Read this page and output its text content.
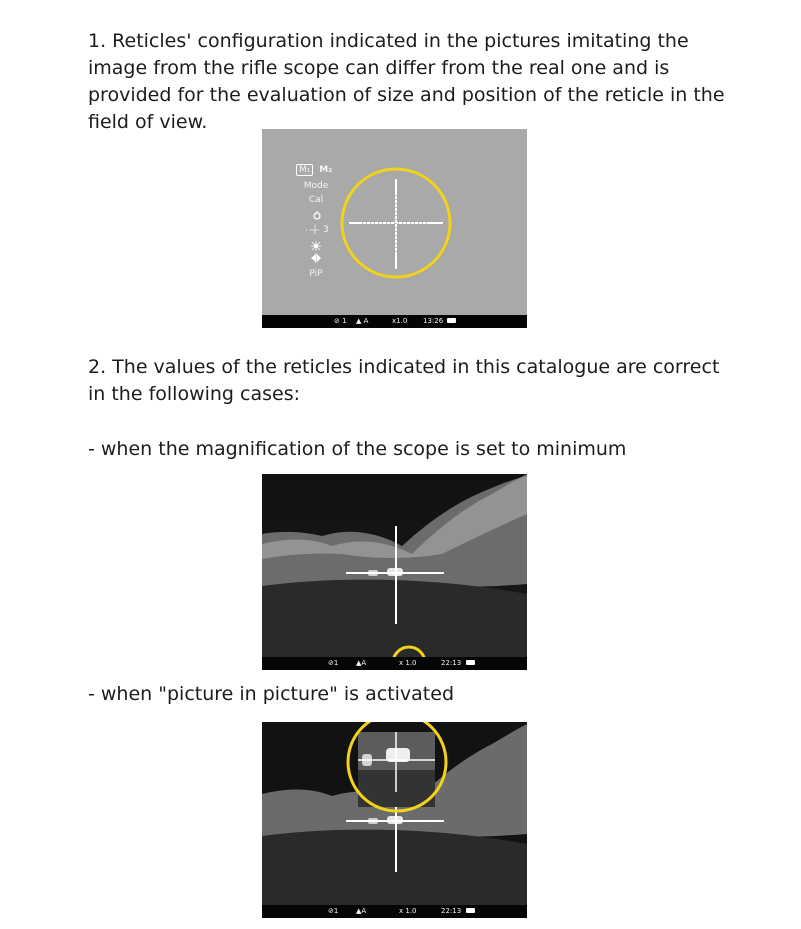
1. Reticles' configuration indicated in the pictures imitating the image from the rifle scope can differ from the real one and is provided for the evaluation of size and position of the reticle in the field of view.

M₁ M₂
Mode
Cal
3
PiP
⊘ 1 ▲ A	x1.0 13:26

2. The values of the reticles indicated in this catalogue are correct in the following cases:

- when the magnification of the scope is set to minimum

⊘1	▲A	x 1.0	22:13

- when "picture in picture" is activated

⊘1	▲A	x 1.0	22:13
